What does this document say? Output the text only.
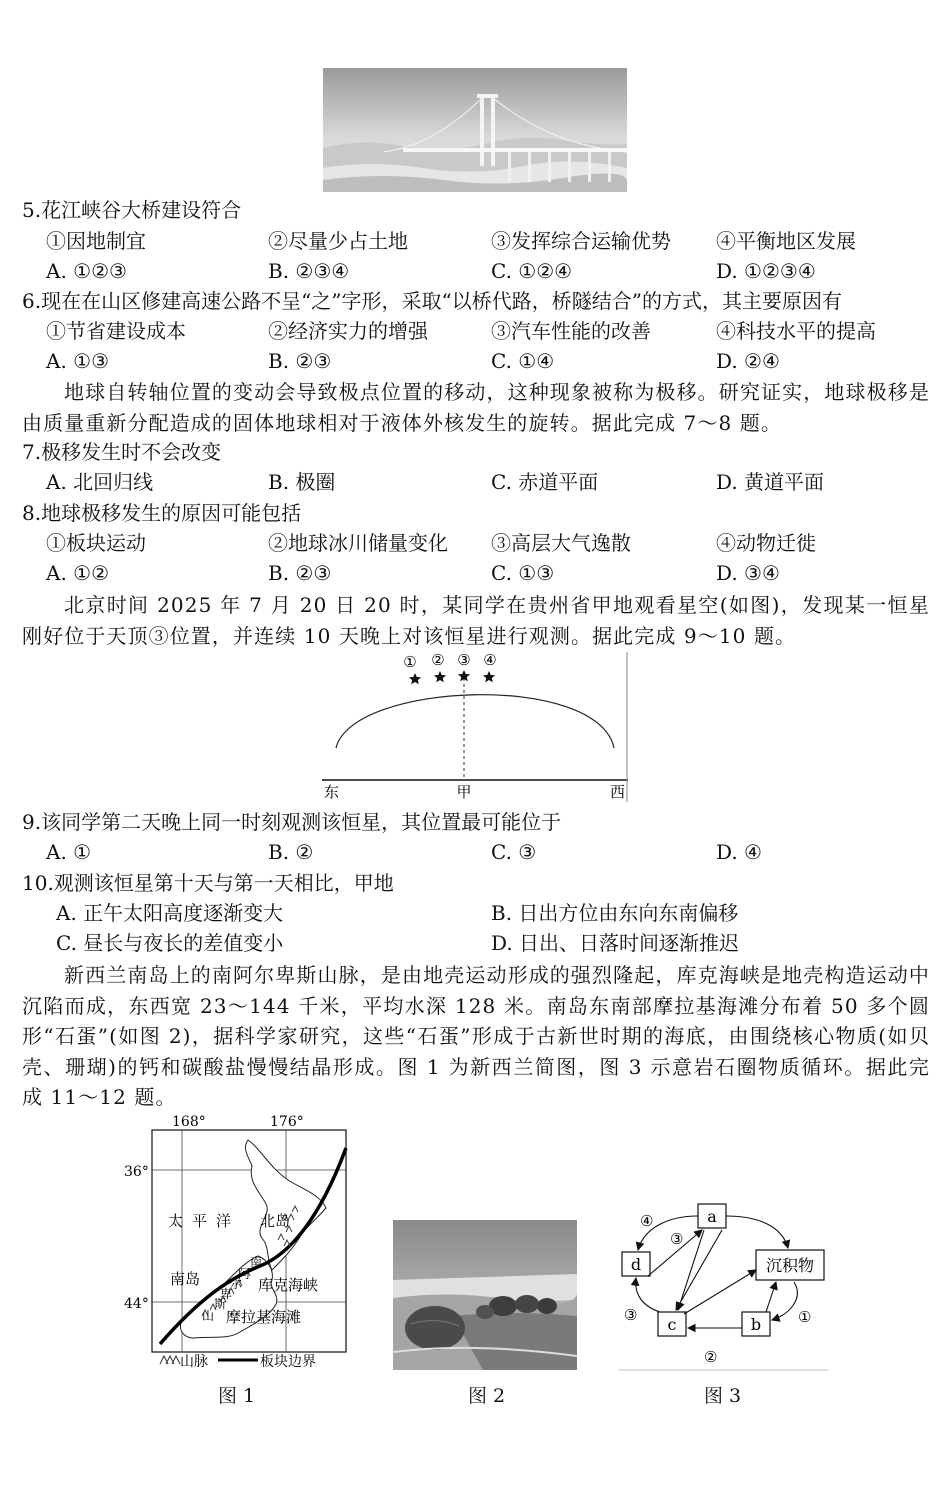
5.花江峡谷大桥建设符合
①因地制宜	②尽量少占土地	③发挥综合运输优势 ④平衡地区发展
A. ①②③	B. ②③④	C. ①②④	D. ①②③④
6.现在在山区修建高速公路不呈“之”字形，采取“以桥代路，桥隧结合”的方式，其主要原因有
①节省建设成本	②经济实力的增强	③汽车性能的改善	④科技水平的提高
A. ①③	B. ②③	C. ①④	D. ②④
地球自转轴位置的变动会导致极点位置的移动，这种现象被称为极移。研究证实，地球极移是由质量重新分配造成的固体地球相对于液体外核发生的旋转。据此完成 7～8 题。
7.极移发生时不会改变
A. 北回归线	B. 极圈	C. 赤道平面	D. 黄道平面
8.地球极移发生的原因可能包括
①板块运动	②地球冰川储量变化 ③高层大气逸散	④动物迁徙
A. ①②	B. ②③	C. ①③	D. ③④
北京时间 2025 年 7 月 20 日 20 时，某同学在贵州省甲地观看星空(如图)，发现某一恒星刚好位于天顶③位置，并连续 10 天晚上对该恒星进行观测。据此完成 9～10 题。
① ② ③ ④
东	甲	西
9.该同学第二天晚上同一时刻观测该恒星，其位置最可能位于
A. ①	B. ②	C. ③	D. ④
10.观测该恒星第十天与第一天相比，甲地
A. 正午太阳高度逐渐变大	B. 日出方位由东向东南偏移
C. 昼长与夜长的差值变小	D. 日出、日落时间逐渐推迟
新西兰南岛上的南阿尔卑斯山脉，是由地壳运动形成的强烈隆起，库克海峡是地壳构造运动中沉陷而成，东西宽 23～144 千米，平均水深 128 米。南岛东南部摩拉基海滩分布着 50 多个圆形“石蛋”(如图 2)，据科学家研究，这些“石蛋”形成于古新世时期的海底，由围绕核心物质(如贝壳、珊瑚)的钙和碳酸盐慢慢结晶形成。图 1 为新西兰简图，图 3 示意岩石圈物质循环。据此完成 11～12 题。
168°	176°
36°
44°
太 平 洋 北岛
南岛
南
阿
尔
卑
斯
山
库克海峡
摩拉基海滩
山脉	板块边界
图 1	图 2
a
d	沉积物
c	b
④
③
③	①
②
图 3
